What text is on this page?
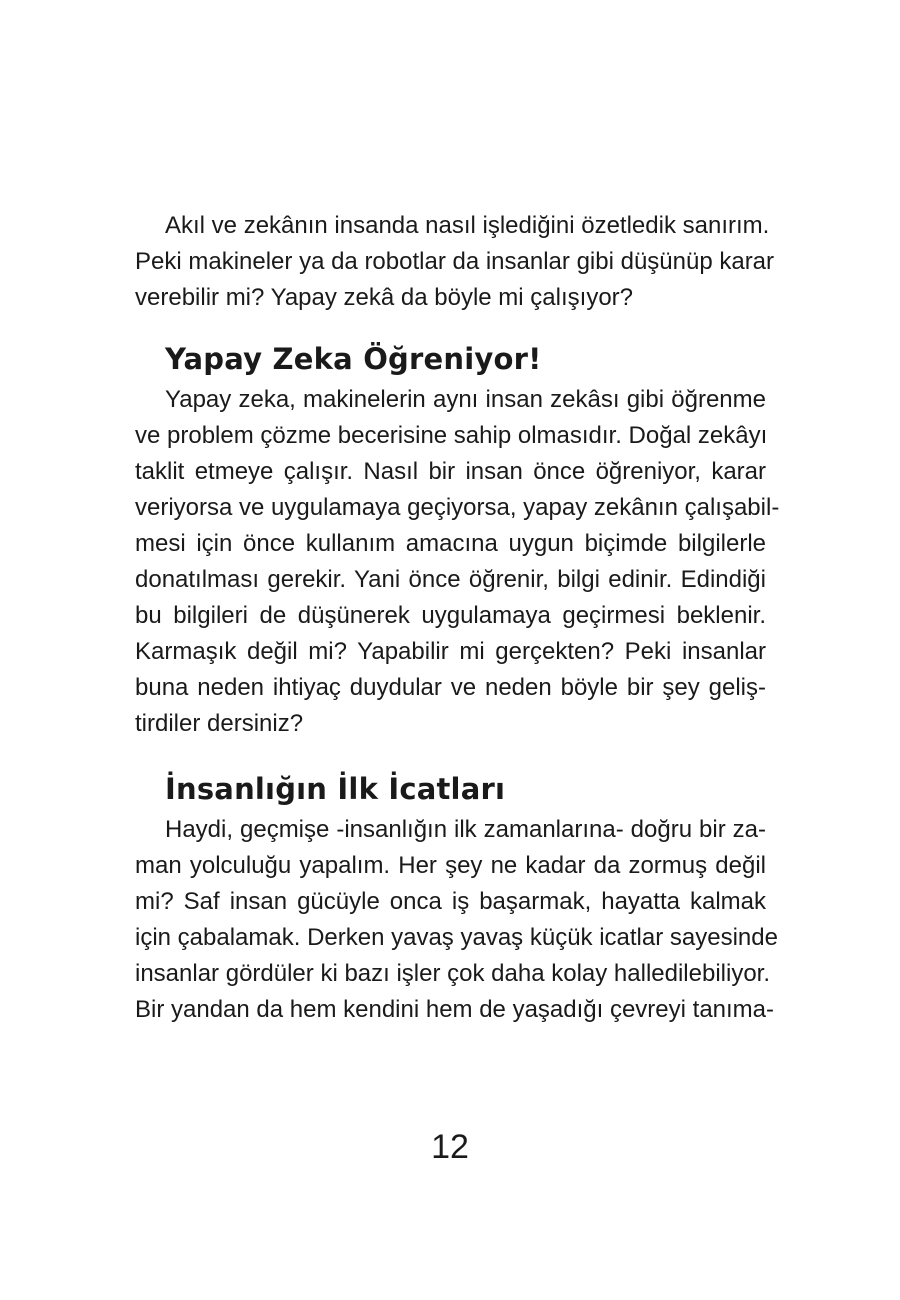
Akıl ve zekânın insanda nasıl işlediğini özetledik sanırım.
Peki makineler ya da robotlar da insanlar gibi düşünüp karar
verebilir mi? Yapay zekâ da böyle mi çalışıyor?
Yapay Zeka Öğreniyor!
Yapay zeka, makinelerin aynı insan zekâsı gibi öğrenme
ve problem çözme becerisine sahip olmasıdır. Doğal zekâyı
taklit etmeye çalışır. Nasıl bir insan önce öğreniyor, karar
veriyorsa ve uygulamaya geçiyorsa, yapay zekânın çalışabil-
mesi için önce kullanım amacına uygun biçimde bilgilerle
donatılması gerekir. Yani önce öğrenir, bilgi edinir. Edindiği
bu bilgileri de düşünerek uygulamaya geçirmesi beklenir.
Karmaşık değil mi? Yapabilir mi gerçekten? Peki insanlar
buna neden ihtiyaç duydular ve neden böyle bir şey geliş-
tirdiler dersiniz?
İnsanlığın İlk İcatları
Haydi, geçmişe -insanlığın ilk zamanlarına- doğru bir za-
man yolculuğu yapalım. Her şey ne kadar da zormuş değil
mi? Saf insan gücüyle onca iş başarmak, hayatta kalmak
için çabalamak. Derken yavaş yavaş küçük icatlar sayesinde
insanlar gördüler ki bazı işler çok daha kolay halledilebiliyor.
Bir yandan da hem kendini hem de yaşadığı çevreyi tanıma-
12
